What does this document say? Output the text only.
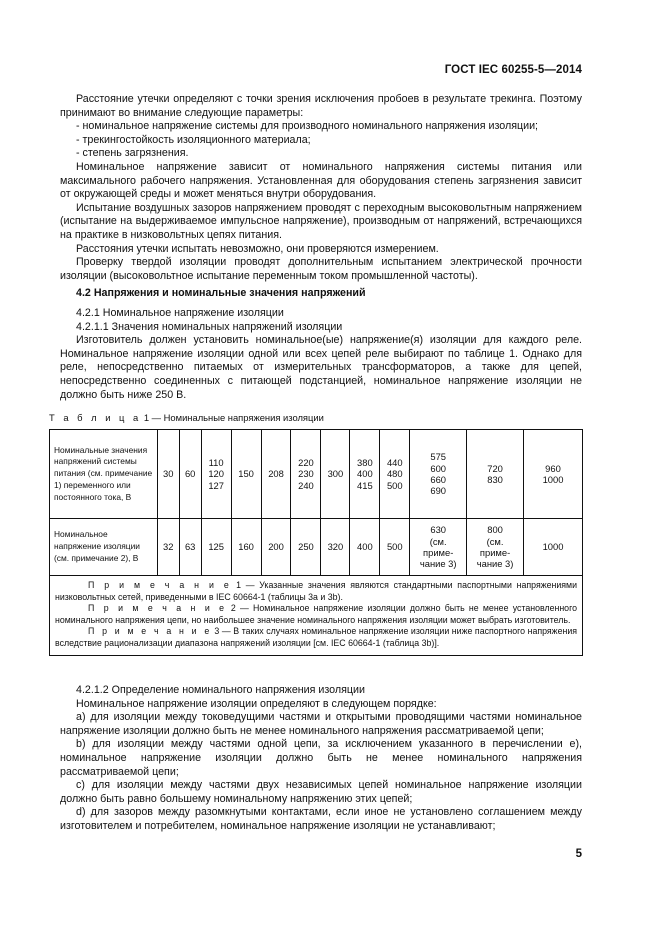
ГОСТ IEC 60255-5—2014

Расстояние утечки определяют с точки зрения исключения пробоев в результате трекинга. Поэтому принимают во внимание следующие параметры:

- номинальное напряжение системы для производного номинального напряжения изоляции;

- трекингостойкость изоляционного материала;

- степень загрязнения.

Номинальное напряжение зависит от номинального напряжения системы питания или максимального рабочего напряжения. Установленная для оборудования степень загрязнения зависит от окружающей среды и может меняться внутри оборудования.

Испытание воздушных зазоров напряжением проводят с переходным высоковольтным напряжением (испытание на выдерживаемое импульсное напряжение), производным от напряжений, встречающихся на практике в низковольтных цепях питания.

Расстояния утечки испытать невозможно, они проверяются измерением.

Проверку твердой изоляции проводят дополнительным испытанием электрической прочности изоляции (высоковольтное испытание переменным током промышленной частоты).

4.2 Напряжения и номинальные значения напряжений

4.2.1 Номинальное напряжение изоляции

4.2.1.1 Значения номинальных напряжений изоляции

Изготовитель должен установить номинальное(ые) напряжение(я) изоляции для каждого реле. Номинальное напряжение изоляции одной или всех цепей реле выбирают по таблице 1. Однако для реле, непосредственно питаемых от измерительных трансформаторов, а также для цепей, непосредственно соединенных с питающей подстанцией, номинальное напряжение изоляции не должно быть ниже 250 В.

Т а б л и ц а 1 — Номинальные напряжения изоляции
Номинальные значения напряжений системы питания (см. примечание 1) переменного или постоянного тока, В	30	60	110
120
127	150	208	220
230
240	300	380
400
415	440
480
500	575
600
660
690	720
830	960
1000
Номинальное напряжение изоляции (см. примечание 2), В	32	63	125	160	200	250	320	400	500	630
(см.
приме-
чание 3)	800
(см.
приме-
чание 3)	1000

П р и м е ч а н и е 1 — Указанные значения являются стандартными паспортными напряжениями низковольтных сетей, приведенными в IEC 60664-1 (таблицы 3a и 3b).

П р и м е ч а н и е 2 — Номинальное напряжение изоляции должно быть не менее установленного номинального напряжения цепи, но наибольшее значение номинального напряжения изоляции может выбрать изготовитель.

П р и м е ч а н и е 3 — В таких случаях номинальное напряжение изоляции ниже паспортного напряжения вследствие рационализации диапазона напряжений изоляции [см. IEC 60664-1 (таблица 3b)].												

4.2.1.2 Определение номинального напряжения изоляции

Номинальное напряжение изоляции определяют в следующем порядке:

a) для изоляции между токоведущими частями и открытыми проводящими частями номинальное напряжение изоляции должно быть не менее номинального напряжения рассматриваемой цепи;

b) для изоляции между частями одной цепи, за исключением указанного в перечислении e), номинальное напряжение изоляции должно быть не менее номинального напряжения рассматриваемой цепи;

c) для изоляции между частями двух независимых цепей номинальное напряжение изоляции должно быть равно большему номинальному напряжению этих цепей;

d) для зазоров между разомкнутыми контактами, если иное не установлено соглашением между изготовителем и потребителем, номинальное напряжение изоляции не устанавливают;

5
